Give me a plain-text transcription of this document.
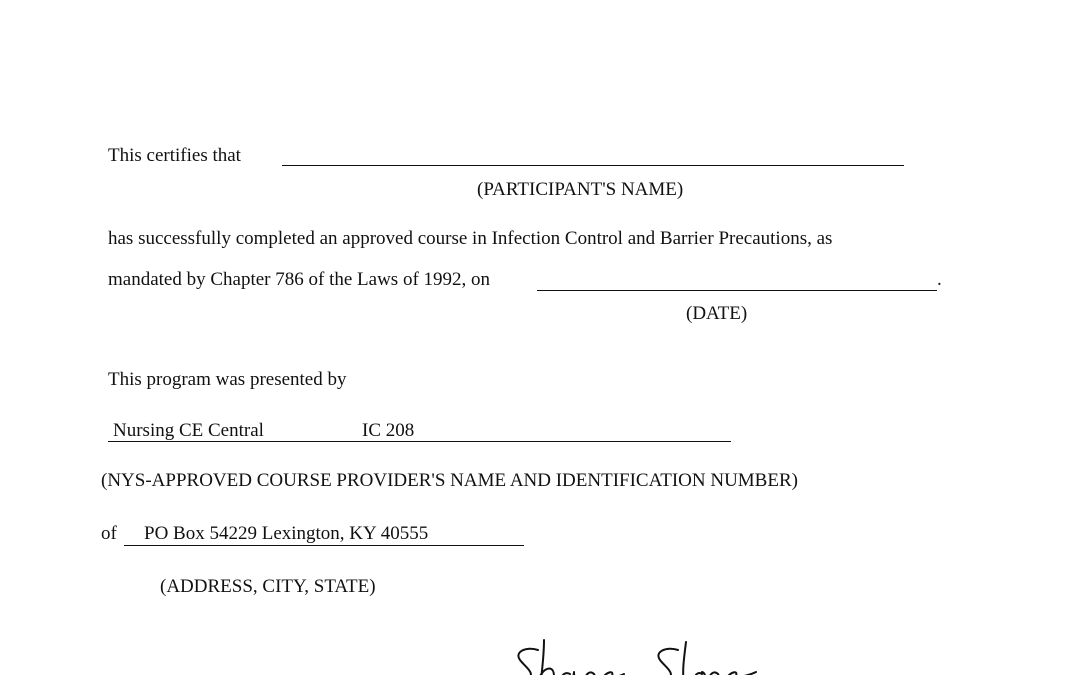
This certifies that
(PARTICIPANT'S NAME)
has successfully completed an approved course in Infection Control and Barrier Precautions, as
mandated by Chapter 786 of the Laws of 1992, on	.
(DATE)
This program was presented by
Nursing CE Central	IC 208
(NYS-APPROVED COURSE PROVIDER'S NAME AND IDENTIFICATION NUMBER)
of PO Box 54229 Lexington, KY 40555
(ADDRESS, CITY, STATE)
